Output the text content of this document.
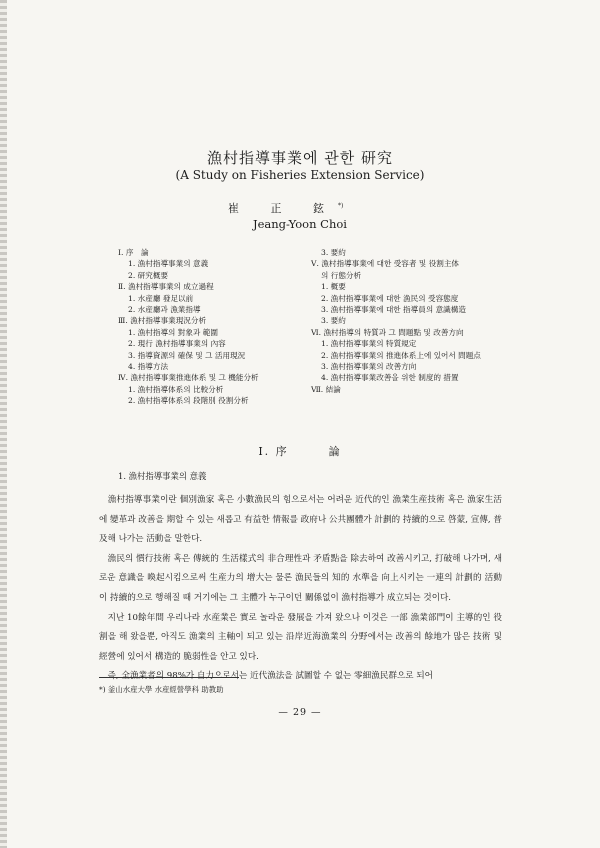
漁村指導事業에 관한 研究
(A Study on Fisheries Extension Service)
崔 正 鉉*)
Jeang-Yoon Choi
Ⅰ. 序　論
1. 漁村指導事業의 意義
2. 研究概要
Ⅱ. 漁村指導事業의 成立過程
1. 水産廳 發足以前
2. 水産廳과 漁業指導
Ⅲ. 漁村指導事業現況分析
1. 漁村指導의 對象과 範圍
2. 現行 漁村指導事業의 內容
3. 指導資源의 確保 및 그 活用現況
4. 指導方法
Ⅳ. 漁村指導事業推進体系 및 그 機能分析
1. 漁村指導体系의 比較分析
2. 漁村指導体系의 段階別 役割分析
3. 要約
Ⅴ. 漁村指導事業에 대한 受容者 및 役割主体
의 行態分析
1. 概要
2. 漁村指導事業에 대한 漁民의 受容態度
3. 漁村指導事業에 대한 指導員의 意識構造
3. 要約
Ⅵ. 漁村指導의 特質과 그 問題點 및 改善方向
1. 漁村指導事業의 特質規定
2. 漁村指導事業의 推進体系上에 있어서 問題点
3. 漁村指導事業의 改善方向
4. 漁村指導事業改善을 위한 制度的 措置
Ⅶ. 結論
Ⅰ. 序	論
1. 漁村指導事業의 意義

　漁村指導事業이란 個別漁家 혹은 小數漁民의 힘으로서는 어려운 近代的인 漁業生産技術 혹은 漁家生活에 變革과 改善을 期할 수 있는 새롭고 有益한 情報를 政府나 公共團體가 計劃的 持續的으로 啓蒙, 宣傳, 普及해 나가는 活動을 말한다.

　漁民의 慣行技術 혹은 傳統的 生活樣式의 非合理性과 矛盾點을 除去하여 改善시키고, 打破해 나가며, 새로운 意識을 喚起시킴으로써 生産力의 增大는 물론 漁民들의 知的 水準을 向上시키는 一連의 計劃的 活動이 持續的으로 행해질 때 거기에는 그 主體가 누구이던 關係없이 漁村指導가 成立되는 것이다.

　지난 10餘年間 우리나라 水産業은 實로 놀라운 發展을 가져 왔으나 이것은 一部 漁業部門이 主導的인 役割을 해 왔을뿐, 아직도 漁業의 主軸이 되고 있는 沿岸近海漁業의 分野에서는 改善의 餘地가 많은 技術 및 經營에 있어서 構造的 脆弱性을 안고 있다.

　즉, 全漁業者의 98%가 自力으로서는 近代漁法을 試圖할 수 없는 零細漁民群으로 되어

*) 釜山水産大學 水産經營學科 助教助
— 29 —
